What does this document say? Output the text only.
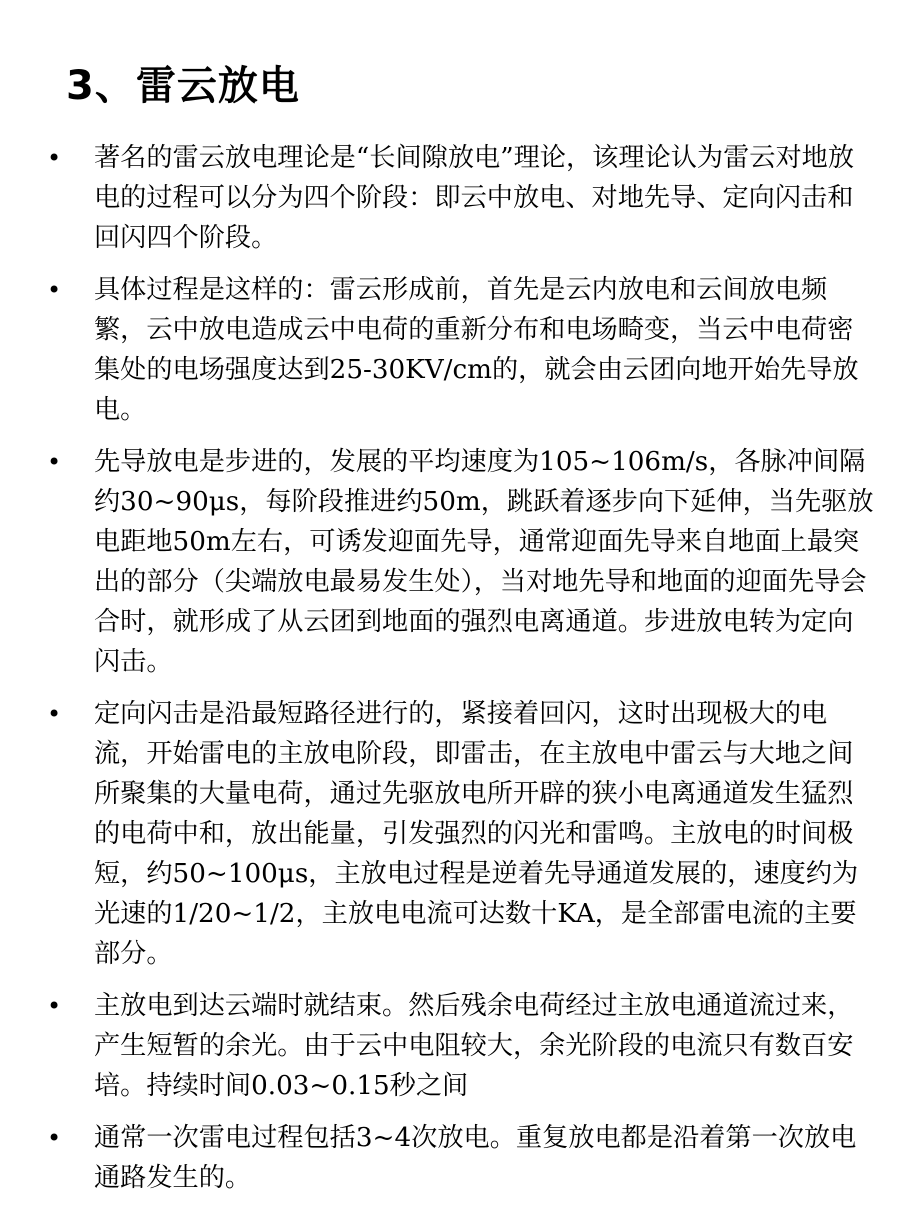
3、雷云放电
• 著名的雷云放电理论是“长间隙放电”理论，该理论认为雷云对地放电的过程可以分为四个阶段：即云中放电、对地先导、定向闪击和回闪四个阶段。
• 具体过程是这样的：雷云形成前，首先是云内放电和云间放电频繁，云中放电造成云中电荷的重新分布和电场畸变，当云中电荷密集处的电场强度达到25-30KV/cm的，就会由云团向地开始先导放电。
• 先导放电是步进的，发展的平均速度为105~106m/s，各脉冲间隔约30~90μs，每阶段推进约50m，跳跃着逐步向下延伸，当先驱放电距地50m左右，可诱发迎面先导，通常迎面先导来自地面上最突出的部分（尖端放电最易发生处），当对地先导和地面的迎面先导会合时，就形成了从云团到地面的强烈电离通道。步进放电转为定向闪击。
• 定向闪击是沿最短路径进行的，紧接着回闪，这时出现极大的电流，开始雷电的主放电阶段，即雷击，在主放电中雷云与大地之间所聚集的大量电荷，通过先驱放电所开辟的狭小电离通道发生猛烈的电荷中和，放出能量，引发强烈的闪光和雷鸣。主放电的时间极短，约50~100μs，主放电过程是逆着先导通道发展的，速度约为光速的1/20~1/2，主放电电流可达数十KA，是全部雷电流的主要部分。
• 主放电到达云端时就结束。然后残余电荷经过主放电通道流过来，产生短暂的余光。由于云中电阻较大，余光阶段的电流只有数百安培。持续时间0.03~0.15秒之间
• 通常一次雷电过程包括3~4次放电。重复放电都是沿着第一次放电通路发生的。
